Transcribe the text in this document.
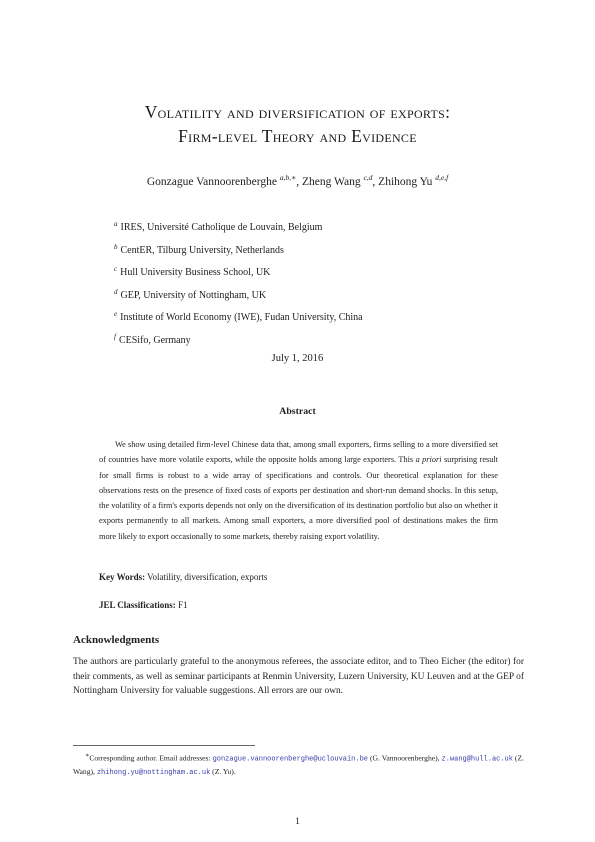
Volatility and diversification of exports:
Firm-level Theory and Evidence
Gonzague Vannoorenberghe $^{a,b,∗}$, Zheng Wang $^{c,d}$, Zhihong Yu $^{d,e,f}$
$^a$ IRES, Université Catholique de Louvain, Belgium
$^b$ CentER, Tilburg University, Netherlands
$^c$ Hull University Business School, UK
$^d$ GEP, University of Nottingham, UK
$^e$ Institute of World Economy (IWE), Fudan University, China
$^f$ CESifo, Germany
July 1, 2016
Abstract

We show using detailed firm-level Chinese data that, among small exporters, firms selling to a more diversified set of countries have more volatile exports, while the opposite holds among large exporters. This a priori surprising result for small firms is robust to a wide array of specifications and controls. Our theoretical explanation for these observations rests on the presence of fixed costs of exports per destination and short-run demand shocks. In this setup, the volatility of a firm's exports depends not only on the diversification of its destination portfolio but also on whether it exports permanently to all markets. Among small exporters, a more diversified pool of destinations makes the firm more likely to export occasionally to some markets, thereby raising export volatility.

Key Words: Volatility, diversification, exports
JEL Classifications: F1
Acknowledgments

The authors are particularly grateful to the anonymous referees, the associate editor, and to Theo Eicher (the editor) for their comments, as well as seminar participants at Renmin University, Luzern University, KU Leuven and at the GEP of Nottingham University for valuable suggestions. All errors are our own.

∗Corresponding author. Email addresses: gonzague.vannoorenberghe@uclouvain.be (G. Vannoorenberghe), z.wang@hull.ac.uk (Z. Wang), zhihong.yu@nottingham.ac.uk (Z. Yu).

1
